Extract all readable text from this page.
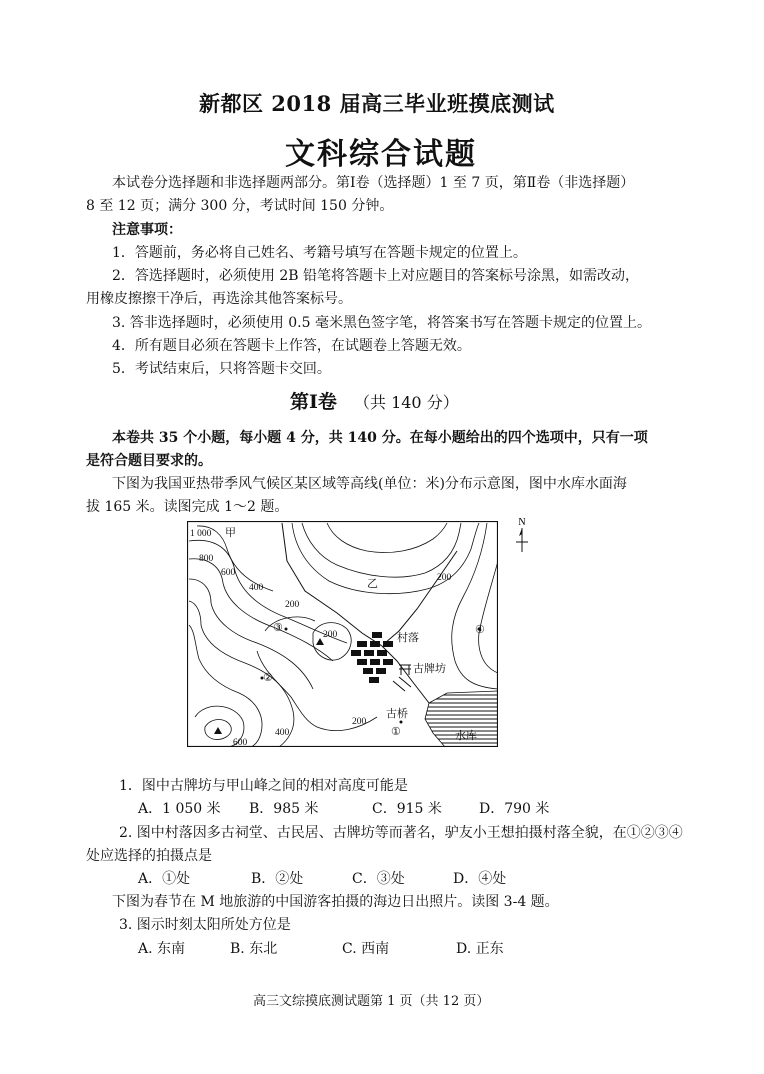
新都区 2018 届高三毕业班摸底测试
文科综合试题
本试卷分选择题和非选择题两部分。第Ⅰ卷（选择题）1 至 7 页，第Ⅱ卷（非选择题）
8 至 12 页；满分 300 分，考试时间 150 分钟。
注意事项：
1．答题前，务必将自己姓名、考籍号填写在答题卡规定的位置上。
2．答选择题时，必须使用 2B 铅笔将答题卡上对应题目的答案标号涂黑，如需改动，
用橡皮擦擦干净后，再选涂其他答案标号。
3. 答非选择题时，必须使用 0.5 毫米黑色签字笔，将答案书写在答题卡规定的位置上。
4．所有题目必须在答题卡上作答，在试题卷上答题无效。
5．考试结束后，只将答题卡交回。
第Ⅰ卷 （共 140 分）
本卷共 35 个小题，每小题 4 分，共 140 分。在每小题给出的四个选项中，只有一项
是符合题目要求的。
下图为我国亚热带季风气候区某区域等高线(单位：米)分布示意图，图中水库水面海
拔 165 米。读图完成 1～2 题。
N
1 000
800
600
400
200
200
200
200
400
600
甲
乙
村落
古牌坊
古桥
水库
①
②
③	④
1．图中古牌坊与甲山峰之间的相对高度可能是
A．1 050 米 B．985 米	C．915 米	D．790 米
2. 图中村落因多古祠堂、古民居、古牌坊等而著名，驴友小王想拍摄村落全貌，在①②③④
处应选择的拍摄点是
A．①处	B．②处	C．③处	D．④处
下图为春节在 M 地旅游的中国游客拍摄的海边日出照片。读图 3-4 题。
3. 图示时刻太阳所处方位是
A. 东南	B. 东北	C. 西南	D. 正东
高三文综摸底测试题第 1 页（共 12 页）
